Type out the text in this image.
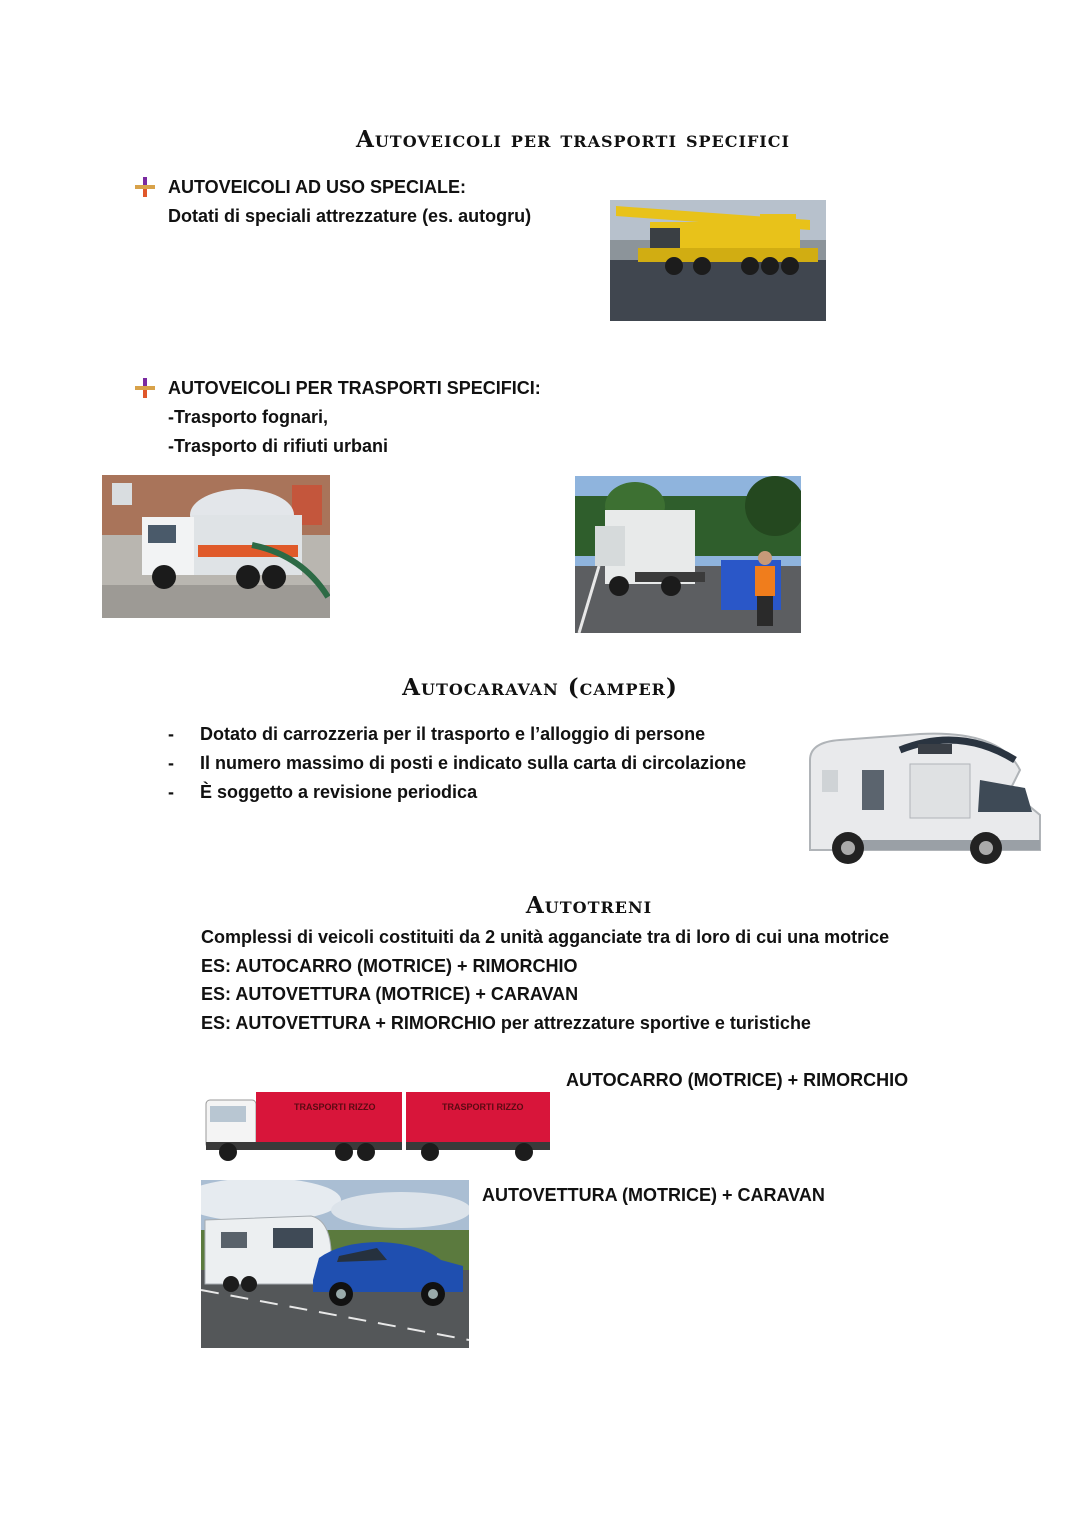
Autoveicoli per trasporti specifici
AUTOVEICOLI AD USO SPECIALE:
Dotati di speciali attrezzature (es. autogru)
AUTOVEICOLI PER TRASPORTI SPECIFICI:
-Trasporto fognari,
-Trasporto di rifiuti urbani
Autocaravan (camper)
- Dotato di carrozzeria per il trasporto e l’alloggio di persone
- Il numero massimo di posti e indicato sulla carta di circolazione
- È soggetto a revisione periodica
Autotreni
Complessi di veicoli costituiti da 2 unità agganciate tra di loro di cui una motrice
ES: AUTOCARRO (MOTRICE) + RIMORCHIO
ES: AUTOVETTURA (MOTRICE) + CARAVAN
ES: AUTOVETTURA + RIMORCHIO per attrezzature sportive e turistiche
TRASPORTI RIZZO	TRASPORTI RIZZO
AUTOCARRO (MOTRICE) + RIMORCHIO
AUTOVETTURA (MOTRICE) + CARAVAN
